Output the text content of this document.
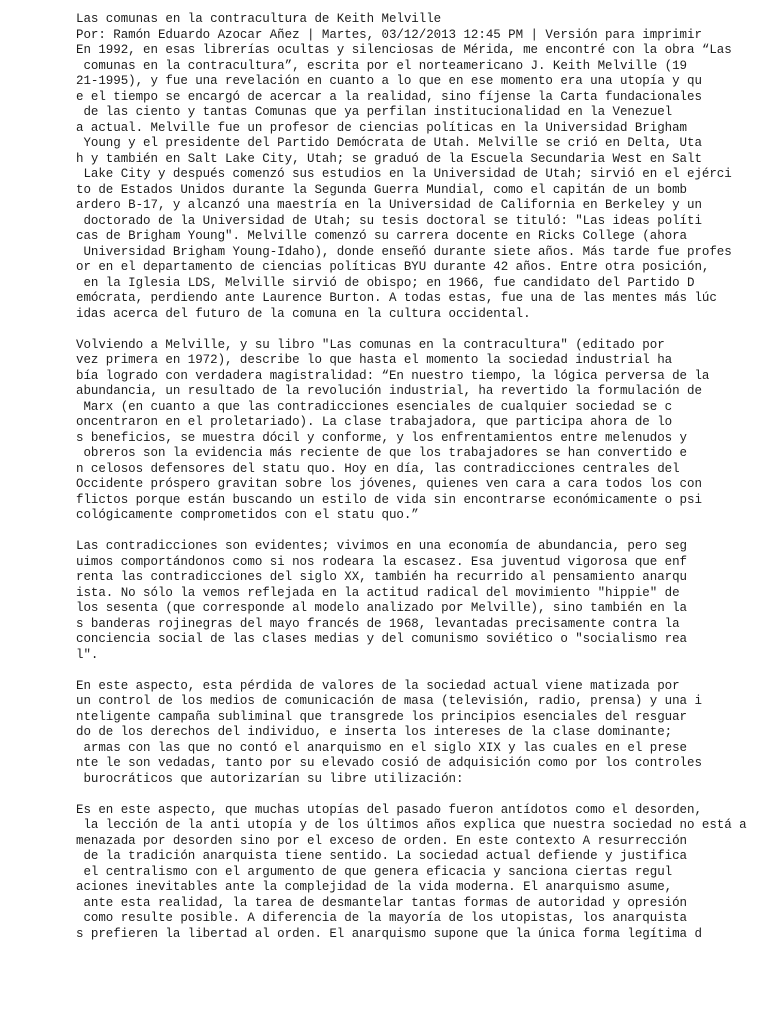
Las comunas en la contracultura de Keith Melville
Por: Ramón Eduardo Azocar Añez | Martes, 03/12/2013 12:45 PM | Versión para imprimir
En 1992, en esas librerías ocultas y silenciosas de Mérida, me encontré con la obra “Las
comunas en la contracultura”, escrita por el norteamericano J. Keith Melville (19
21-1995), y fue una revelación en cuanto a lo que en ese momento era una utopía y qu
e el tiempo se encargó de acercar a la realidad, sino fíjense la Carta fundacionales
de las ciento y tantas Comunas que ya perfilan institucionalidad en la Venezuel
a actual. Melville fue un profesor de ciencias políticas en la Universidad Brigham
Young y el presidente del Partido Demócrata de Utah. Melville se crió en Delta, Uta
h y también en Salt Lake City, Utah; se graduó de la Escuela Secundaria West en Salt
Lake City y después comenzó sus estudios en la Universidad de Utah; sirvió en el ejérci
to de Estados Unidos durante la Segunda Guerra Mundial, como el capitán de un bomb
ardero B-17, y alcanzó una maestría en la Universidad de California en Berkeley y un
doctorado de la Universidad de Utah; su tesis doctoral se tituló: "Las ideas políti
cas de Brigham Young". Melville comenzó su carrera docente en Ricks College (ahora
Universidad Brigham Young-Idaho), donde enseñó durante siete años. Más tarde fue profes
or en el departamento de ciencias políticas BYU durante 42 años. Entre otra posición,
en la Iglesia LDS, Melville sirvió de obispo; en 1966, fue candidato del Partido D
emócrata, perdiendo ante Laurence Burton. A todas estas, fue una de las mentes más lúc
idas acerca del futuro de la comuna en la cultura occidental.
Volviendo a Melville, y su libro "Las comunas en la contracultura" (editado por
vez primera en 1972), describe lo que hasta el momento la sociedad industrial ha
bía logrado con verdadera magistralidad: “En nuestro tiempo, la lógica perversa de la
abundancia, un resultado de la revolución industrial, ha revertido la formulación de
Marx (en cuanto a que las contradicciones esenciales de cualquier sociedad se c
oncentraron en el proletariado). La clase trabajadora, que participa ahora de lo
s beneficios, se muestra dócil y conforme, y los enfrentamientos entre melenudos y
obreros son la evidencia más reciente de que los trabajadores se han convertido e
n celosos defensores del statu quo. Hoy en día, las contradicciones centrales del
Occidente próspero gravitan sobre los jóvenes, quienes ven cara a cara todos los con
flictos porque están buscando un estilo de vida sin encontrarse económicamente o psi
cológicamente comprometidos con el statu quo.”
Las contradicciones son evidentes; vivimos en una economía de abundancia, pero seg
uimos comportándonos como si nos rodeara la escasez. Esa juventud vigorosa que enf
renta las contradicciones del siglo XX, también ha recurrido al pensamiento anarqu
ista. No sólo la vemos reflejada en la actitud radical del movimiento "hippie" de
los sesenta (que corresponde al modelo analizado por Melville), sino también en la
s banderas rojinegras del mayo francés de 1968, levantadas precisamente contra la
conciencia social de las clases medias y del comunismo soviético o "socialismo rea
l".
En este aspecto, esta pérdida de valores de la sociedad actual viene matizada por
un control de los medios de comunicación de masa (televisión, radio, prensa) y una i
nteligente campaña subliminal que transgrede los principios esenciales del resguar
do de los derechos del individuo, e inserta los intereses de la clase dominante;
armas con las que no contó el anarquismo en el siglo XIX y las cuales en el prese
nte le son vedadas, tanto por su elevado cosió de adquisición como por los controles
burocráticos que autorizarían su libre utilización:
Es en este aspecto, que muchas utopías del pasado fueron antídotos como el desorden,
la lección de la anti utopía y de los últimos años explica que nuestra sociedad no está a
menazada por desorden sino por el exceso de orden. En este contexto A resurrección
de la tradición anarquista tiene sentido. La sociedad actual defiende y justifica
el centralismo con el argumento de que genera eficacia y sanciona ciertas regul
aciones inevitables ante la complejidad de la vida moderna. El anarquismo asume,
ante esta realidad, la tarea de desmantelar tantas formas de autoridad y opresión
como resulte posible. A diferencia de la mayoría de los utopistas, los anarquista
s prefieren la libertad al orden. El anarquismo supone que la única forma legítima d
